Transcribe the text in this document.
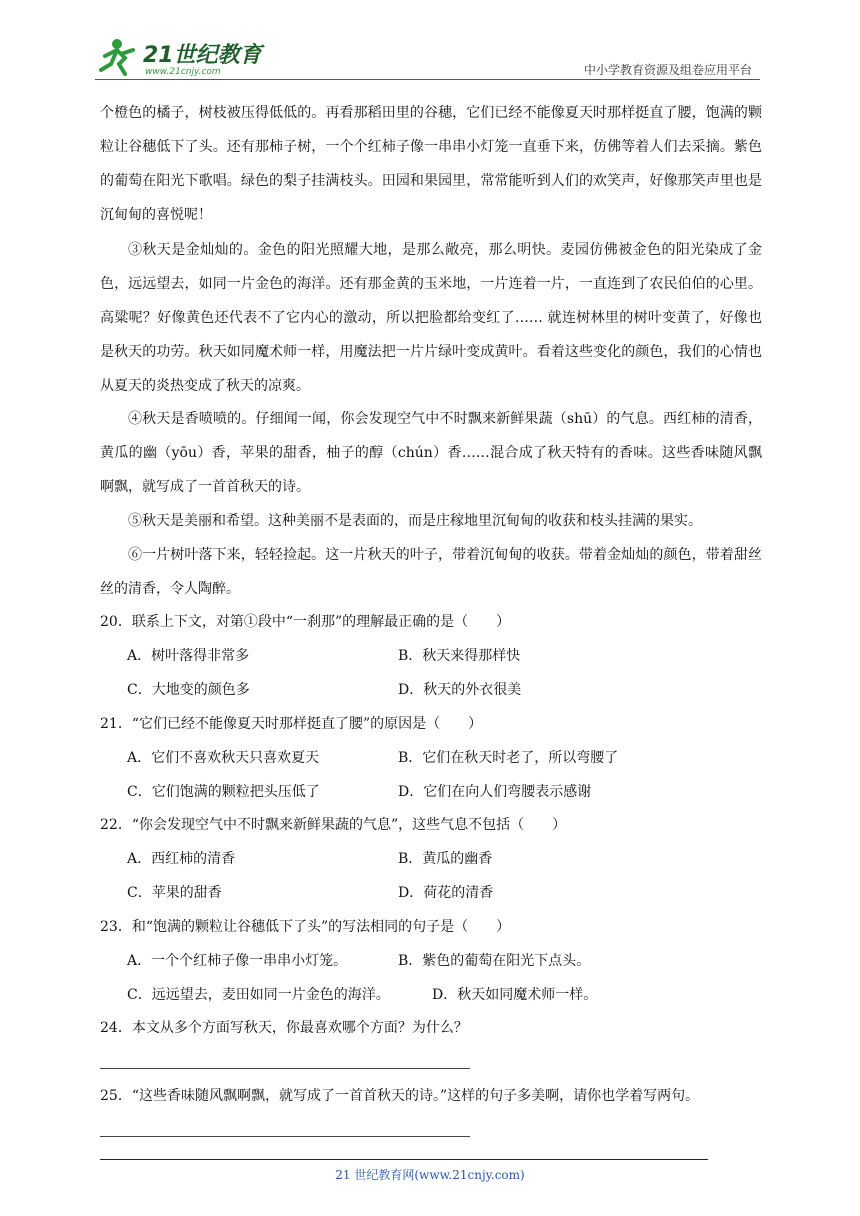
21世纪教育
www.21cnjy.com	中小学教育资源及组卷应用平台

个橙色的橘子，树枝被压得低低的。再看那稻田里的谷穗，它们已经不能像夏天时那样挺直了腰，饱满的颗粒让谷穗低下了头。还有那柿子树，一个个红柿子像一串串小灯笼一直垂下来，仿佛等着人们去采摘。紫色的葡萄在阳光下歌唱。绿色的梨子挂满枝头。田园和果园里，常常能听到人们的欢笑声，好像那笑声里也是沉甸甸的喜悦呢！

③秋天是金灿灿的。金色的阳光照耀大地，是那么敞亮，那么明快。麦园仿佛被金色的阳光染成了金色，远远望去，如同一片金色的海洋。还有那金黄的玉米地，一片连着一片，一直连到了农民伯伯的心里。高粱呢？好像黄色还代表不了它内心的激动，所以把脸都给变红了…… 就连树林里的树叶变黄了，好像也是秋天的功劳。秋天如同魔术师一样，用魔法把一片片绿叶变成黄叶。看着这些变化的颜色，我们的心情也从夏天的炎热变成了秋天的凉爽。

④秋天是香喷喷的。仔细闻一闻，你会发现空气中不时飘来新鲜果蔬（shū）的气息。西红柿的清香，黄瓜的幽（yōu）香，苹果的甜香，柚子的醇（chún）香……混合成了秋天特有的香味。这些香味随风飘啊飘，就写成了一首首秋天的诗。

⑤秋天是美丽和希望。这种美丽不是表面的，而是庄稼地里沉甸甸的收获和枝头挂满的果实。

⑥一片树叶落下来，轻轻捡起。这一片秋天的叶子，带着沉甸甸的收获。带着金灿灿的颜色，带着甜丝丝的清香，令人陶醉。

20．联系上下文，对第①段中“一刹那”的理解最正确的是（　　）

A．树叶落得非常多	B．秋天来得那样快

C．大地变的颜色多	D．秋天的外衣很美

21．“它们已经不能像夏天时那样挺直了腰”的原因是（　　）

A．它们不喜欢秋天只喜欢夏天	B．它们在秋天时老了，所以弯腰了

C．它们饱满的颗粒把头压低了	D．它们在向人们弯腰表示感谢

22．“你会发现空气中不时飘来新鲜果蔬的气息”，这些气息不包括（　　）

A．西红柿的清香	B．黄瓜的幽香

C．苹果的甜香	D．荷花的清香

23．和“饱满的颗粒让谷穗低下了头”的写法相同的句子是（　　）

A．一个个红柿子像一串串小灯笼。	B．紫色的葡萄在阳光下点头。

C．远远望去，麦田如同一片金色的海洋。	D．秋天如同魔术师一样。

24．本文从多个方面写秋天，你最喜欢哪个方面？为什么？

25．“这些香味随风飘啊飘，就写成了一首首秋天的诗。”这样的句子多美啊，请你也学着写两句。

21 世纪教育网(www.21cnjy.com)
